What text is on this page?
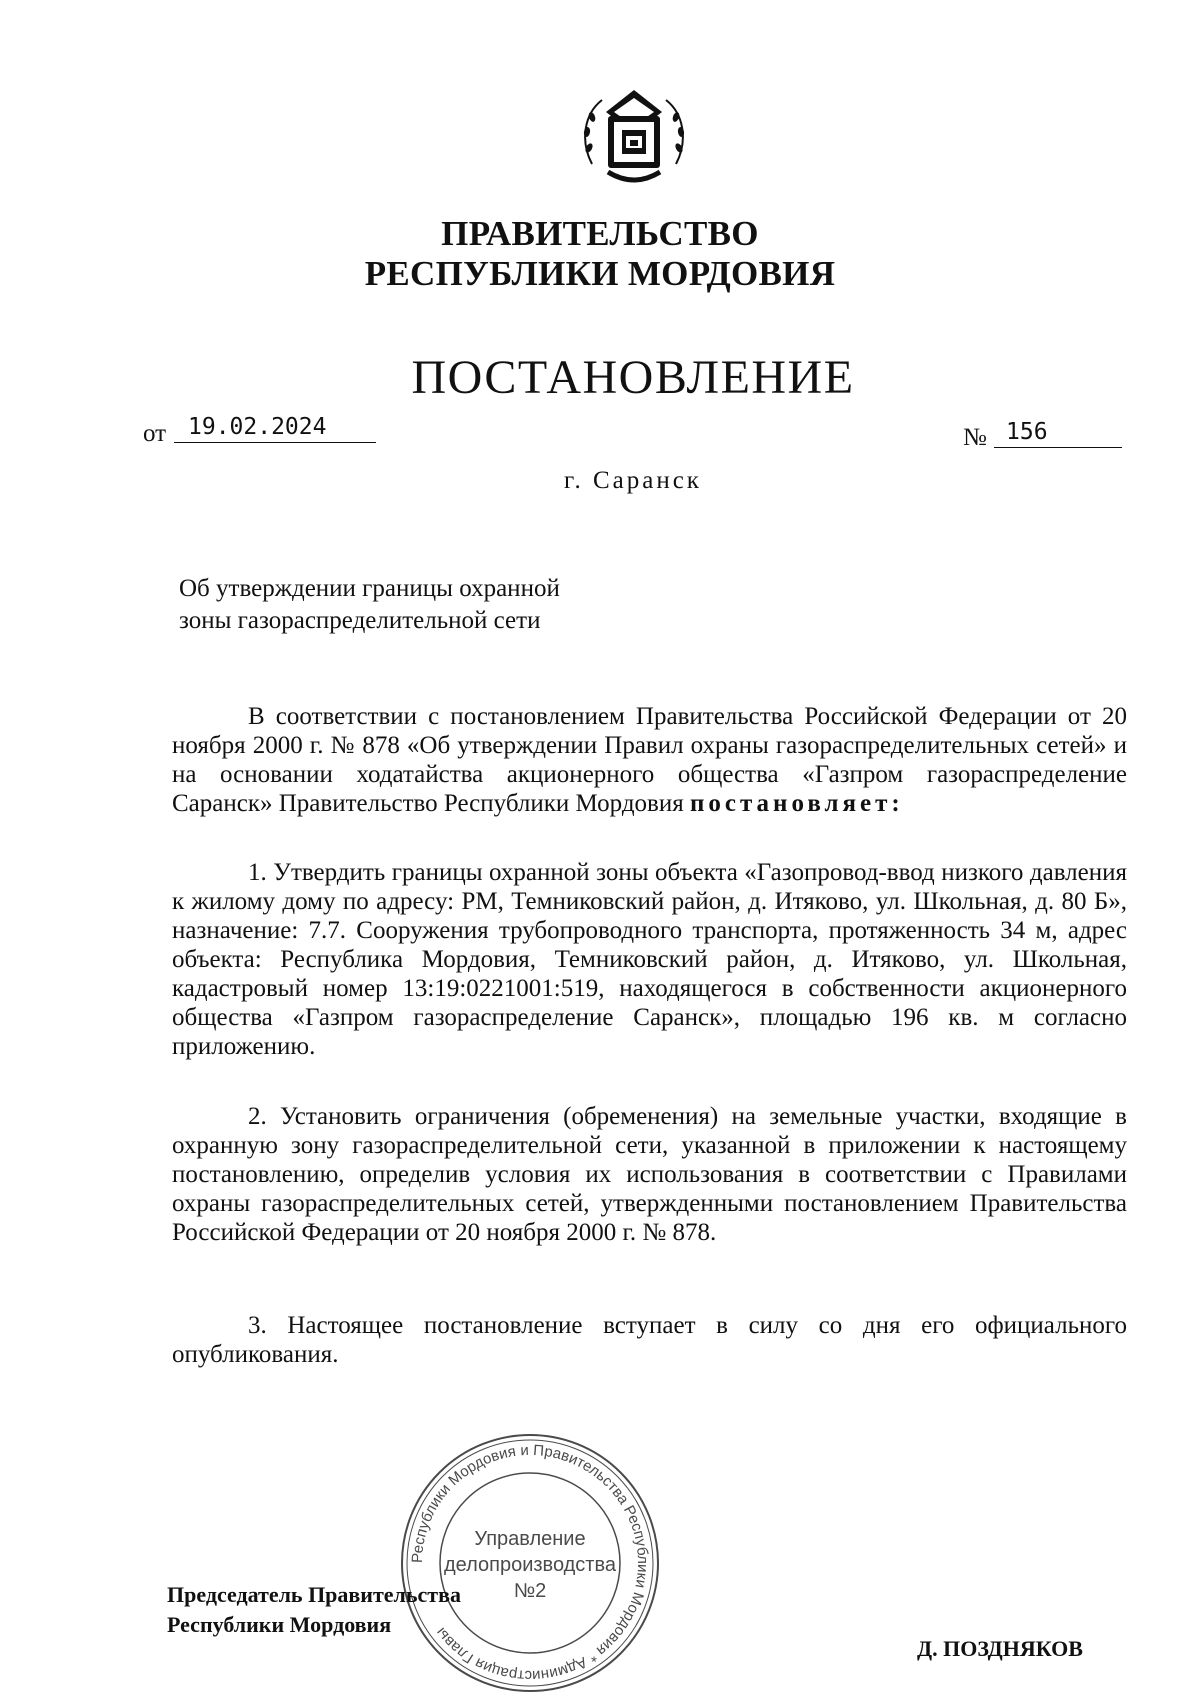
ПРАВИТЕЛЬСТВО
РЕСПУБЛИКИ МОРДОВИЯ
ПОСТАНОВЛЕНИЕ
от 19.02.2024	№ 156
г. Саранск
Об утверждении границы охранной
зоны газораспределительной сети
В соответствии с постановлением Правительства Российской Федерации от 20 ноября 2000 г. № 878 «Об утверждении Правил охраны газораспределительных сетей» и на основании ходатайства акционерного общества «Газпром газораспределение Саранск» Правительство Республики Мордовия постановляет:
1. Утвердить границы охранной зоны объекта «Газопровод-ввод низкого давления к жилому дому по адресу: РМ, Темниковский район, д. Итяково, ул. Школьная, д. 80 Б», назначение: 7.7. Сооружения трубопроводного транспорта, протяженность 34 м, адрес объекта: Республика Мордовия, Темниковский район, д. Итяково, ул. Школьная, кадастровый номер 13:19:0221001:519, находящегося в собственности акционерного общества «Газпром газораспределение Саранск», площадью 196 кв. м согласно приложению.
2. Установить ограничения (обременения) на земельные участки, входящие в охранную зону газораспределительной сети, указанной в приложении к настоящему постановлению, определив условия их использования в соответствии с Правилами охраны газораспределительных сетей, утвержденными постановлением Правительства Российской Федерации от 20 ноября 2000 г. № 878.
3. Настоящее постановление вступает в силу со дня его официального опубликования.
Республики Мордовия и Правительства Республики Мордовия * Администрация Главы
Управление
делопроизводства
№2
Председатель Правительства
Республики Мордовия
Д. ПОЗДНЯКОВ
